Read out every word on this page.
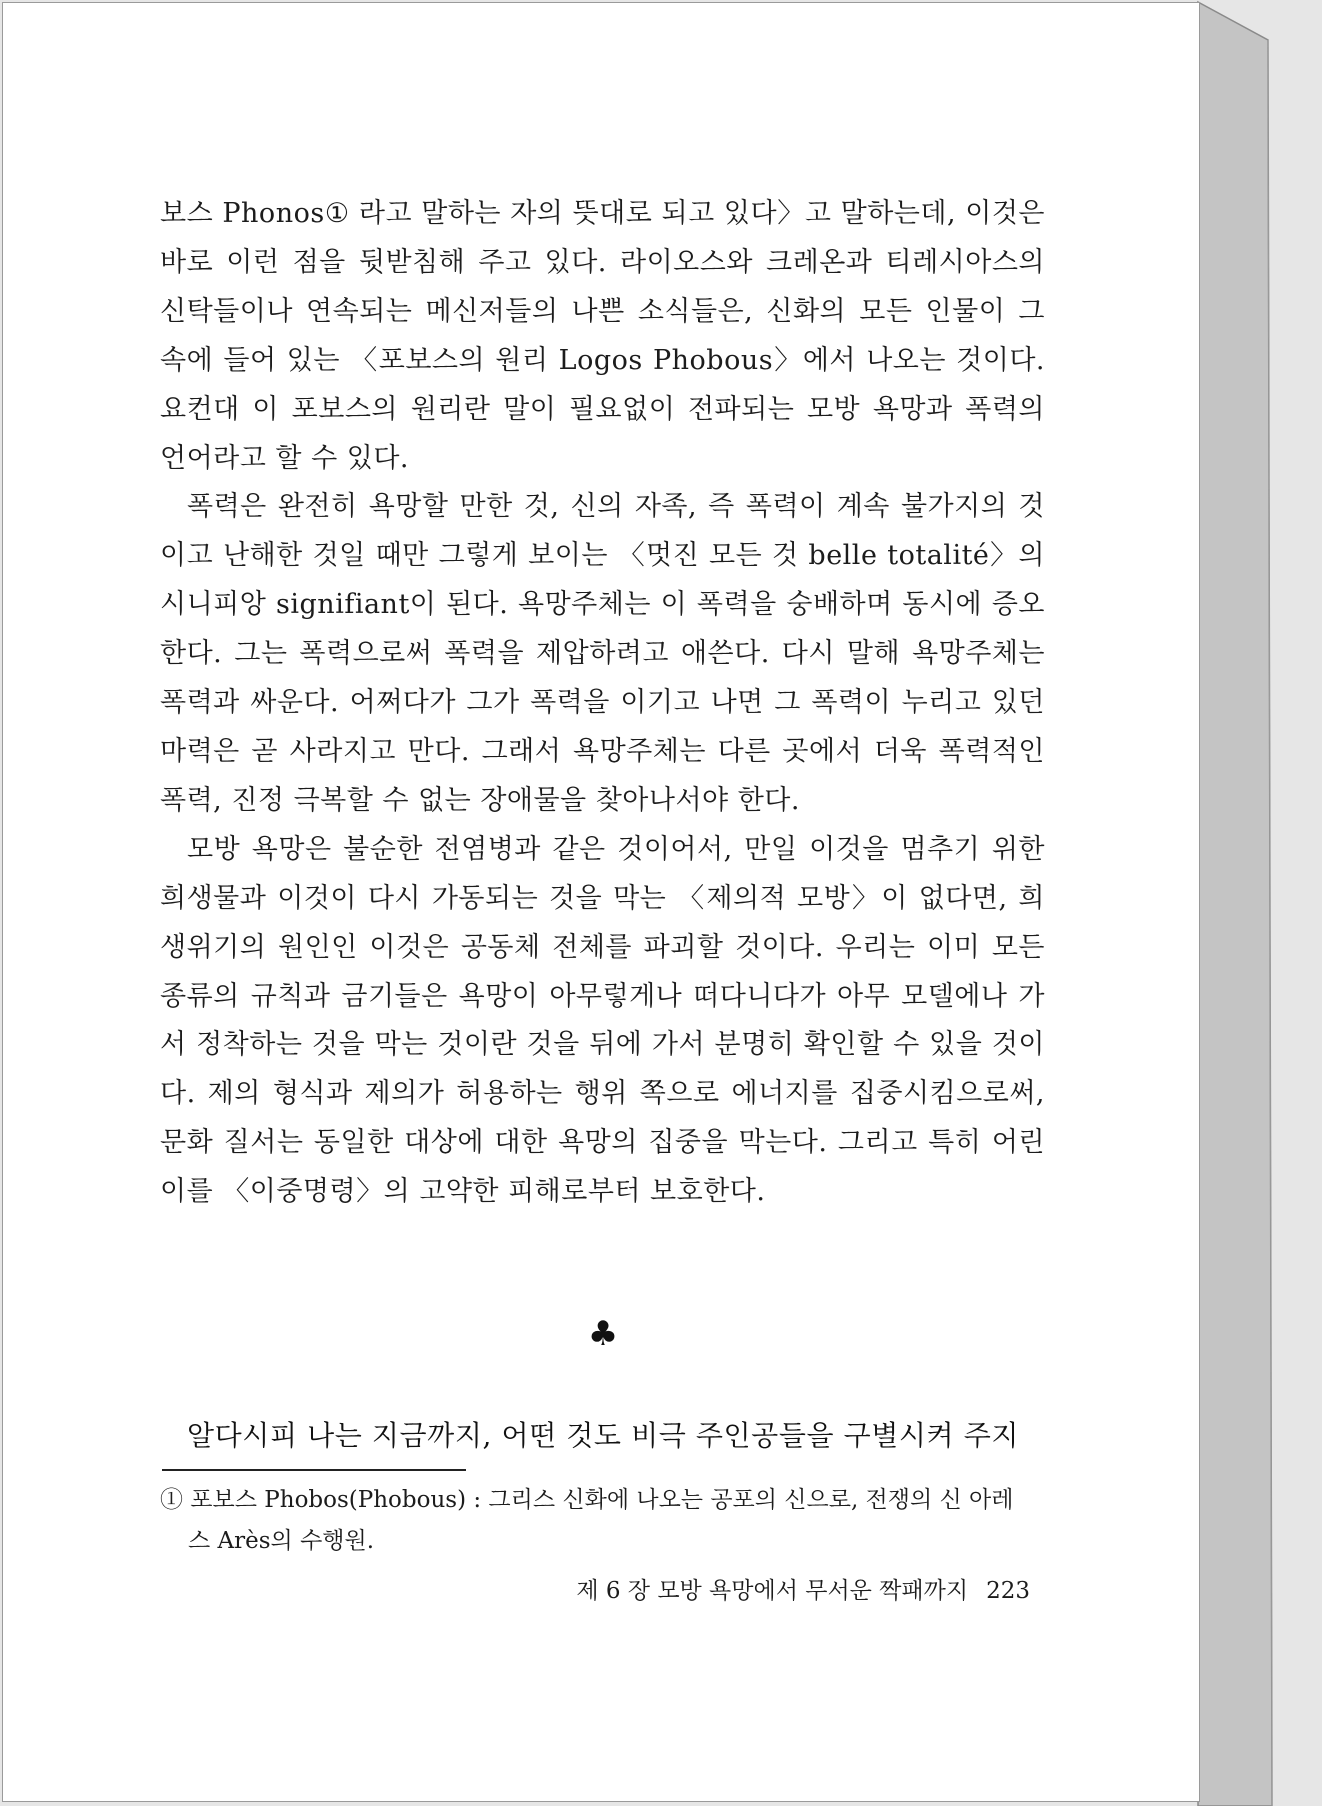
보스 Phonos① 라고 말하는 자의 뜻대로 되고 있다〉고 말하는데, 이것은 바로 이런 점을 뒷받침해 주고 있다. 라이오스와 크레온과 티레시아스의 신탁들이나 연속되는 메신저들의 나쁜 소식들은, 신화의 모든 인물이 그 속에 들어 있는 〈포보스의 원리 Logos Phobous〉에서 나오는 것이다. 요컨대 이 포보스의 원리란 말이 필요없이 전파되는 모방 욕망과 폭력의 언어라고 할 수 있다.

폭력은 완전히 욕망할 만한 것, 신의 자족, 즉 폭력이 계속 불가지의 것이고 난해한 것일 때만 그렇게 보이는 〈멋진 모든 것 belle totalité〉의 시니피앙 signifiant이 된다. 욕망주체는 이 폭력을 숭배하며 동시에 증오한다. 그는 폭력으로써 폭력을 제압하려고 애쓴다. 다시 말해 욕망주체는 폭력과 싸운다. 어쩌다가 그가 폭력을 이기고 나면 그 폭력이 누리고 있던 마력은 곧 사라지고 만다. 그래서 욕망주체는 다른 곳에서 더욱 폭력적인 폭력, 진정 극복할 수 없는 장애물을 찾아나서야 한다.

모방 욕망은 불순한 전염병과 같은 것이어서, 만일 이것을 멈추기 위한 희생물과 이것이 다시 가동되는 것을 막는 〈제의적 모방〉이 없다면, 희생위기의 원인인 이것은 공동체 전체를 파괴할 것이다. 우리는 이미 모든 종류의 규칙과 금기들은 욕망이 아무렇게나 떠다니다가 아무 모델에나 가서 정착하는 것을 막는 것이란 것을 뒤에 가서 분명히 확인할 수 있을 것이다. 제의 형식과 제의가 허용하는 행위 쪽으로 에너지를 집중시킴으로써, 문화 질서는 동일한 대상에 대한 욕망의 집중을 막는다. 그리고 특히 어린이를 〈이중명령〉의 고약한 피해로부터 보호한다.

♣
알다시피 나는 지금까지, 어떤 것도 비극 주인공들을 구별시켜 주지
① 포보스 Phobos(Phobous) : 그리스 신화에 나오는 공포의 신으로, 전쟁의 신 아레
스 Arès의 수행원.
제 6 장 모방 욕망에서 무서운 짝패까지 223
